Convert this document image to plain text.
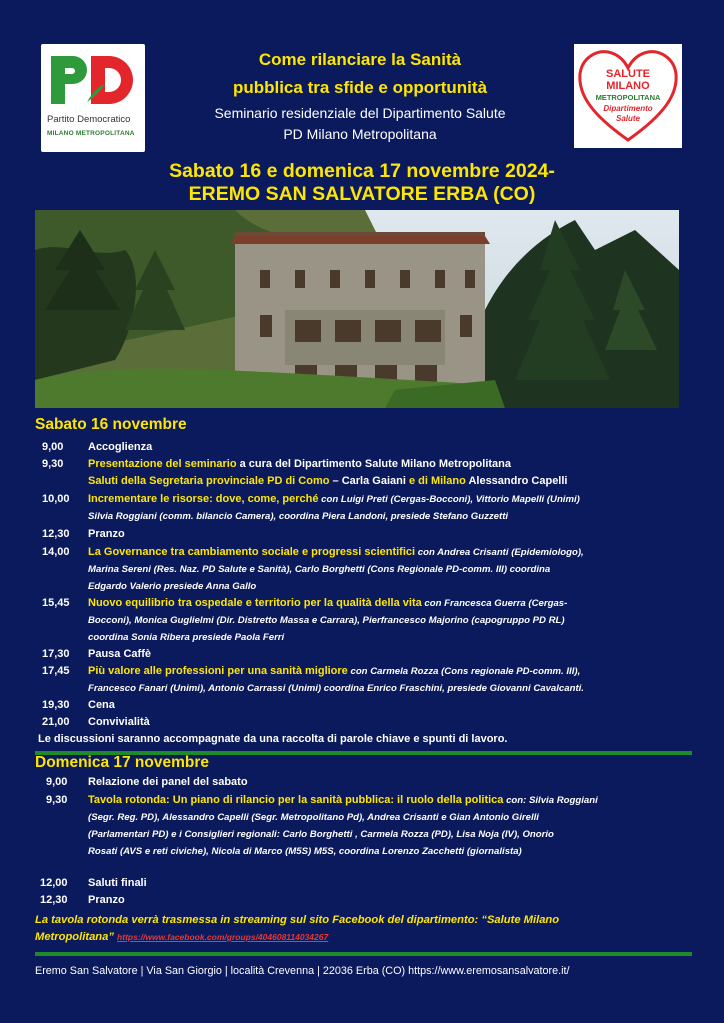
Partito Democratico
MILANO METROPOLITANA
SALUTE
MILANO
METROPOLITANA
Dipartimento
Salute
Come rilanciare la Sanità
pubblica tra sfide e opportunità
Seminario residenziale del Dipartimento Salute
PD Milano Metropolitana
Sabato 16 e domenica 17 novembre 2024-
EREMO SAN SALVATORE ERBA (CO)
Sabato 16 novembre
9,00 Accoglienza
9,30 Presentazione del seminario a cura del Dipartimento Salute Milano Metropolitana
Saluti della Segretaria provinciale PD di Como – Carla Gaiani e di Milano Alessandro Capelli
10,00 Incrementare le risorse: dove, come, perché con Luigi Preti (Cergas-Bocconi), Vittorio Mapelli (Unimi)
Silvia Roggiani (comm. bilancio Camera), coordina Piera Landoni, presiede Stefano Guzzetti
12,30 Pranzo
14,00 La Governance tra cambiamento sociale e progressi scientifici con Andrea Crisanti (Epidemiologo),
Marina Sereni (Res. Naz. PD Salute e Sanità), Carlo Borghetti (Cons Regionale PD-comm. III) coordina
Edgardo Valerio presiede Anna Gallo
15,45 Nuovo equilibrio tra ospedale e territorio per la qualità della vita con Francesca Guerra (Cergas-
Bocconi), Monica Guglielmi (Dir. Distretto Massa e Carrara), Pierfrancesco Majorino (capogruppo PD RL)
coordina Sonia Ribera presiede Paola Ferri
17,30 Pausa Caffè
17,45 Più valore alle professioni per una sanità migliore con Carmela Rozza (Cons regionale PD-comm. III),
Francesco Fanari (Unimi), Antonio Carrassi (Unimi) coordina Enrico Fraschini, presiede Giovanni Cavalcanti.
19,30 Cena
21,00 Convivialità
Le discussioni saranno accompagnate da una raccolta di parole chiave e spunti di lavoro.
Domenica 17 novembre
9,00 Relazione dei panel del sabato
9,30 Tavola rotonda: Un piano di rilancio per la sanità pubblica: il ruolo della politica con: Silvia Roggiani
(Segr. Reg. PD), Alessandro Capelli (Segr. Metropolitano Pd), Andrea Crisanti e Gian Antonio Girelli
(Parlamentari PD) e i Consiglieri regionali: Carlo Borghetti , Carmela Rozza (PD), Lisa Noja (IV), Onorio
Rosati (AVS e reti civiche), Nicola di Marco (M5S) M5S, coordina Lorenzo Zacchetti (giornalista)
12,00 Saluti finali
12,30 Pranzo
La tavola rotonda verrà trasmessa in streaming sul sito Facebook del dipartimento: “Salute Milano
Metropolitana” https://www.facebook.com/groups/404608114034267
Eremo San Salvatore | Via San Giorgio | località Crevenna | 22036 Erba (CO) https://www.eremosansalvatore.it/
